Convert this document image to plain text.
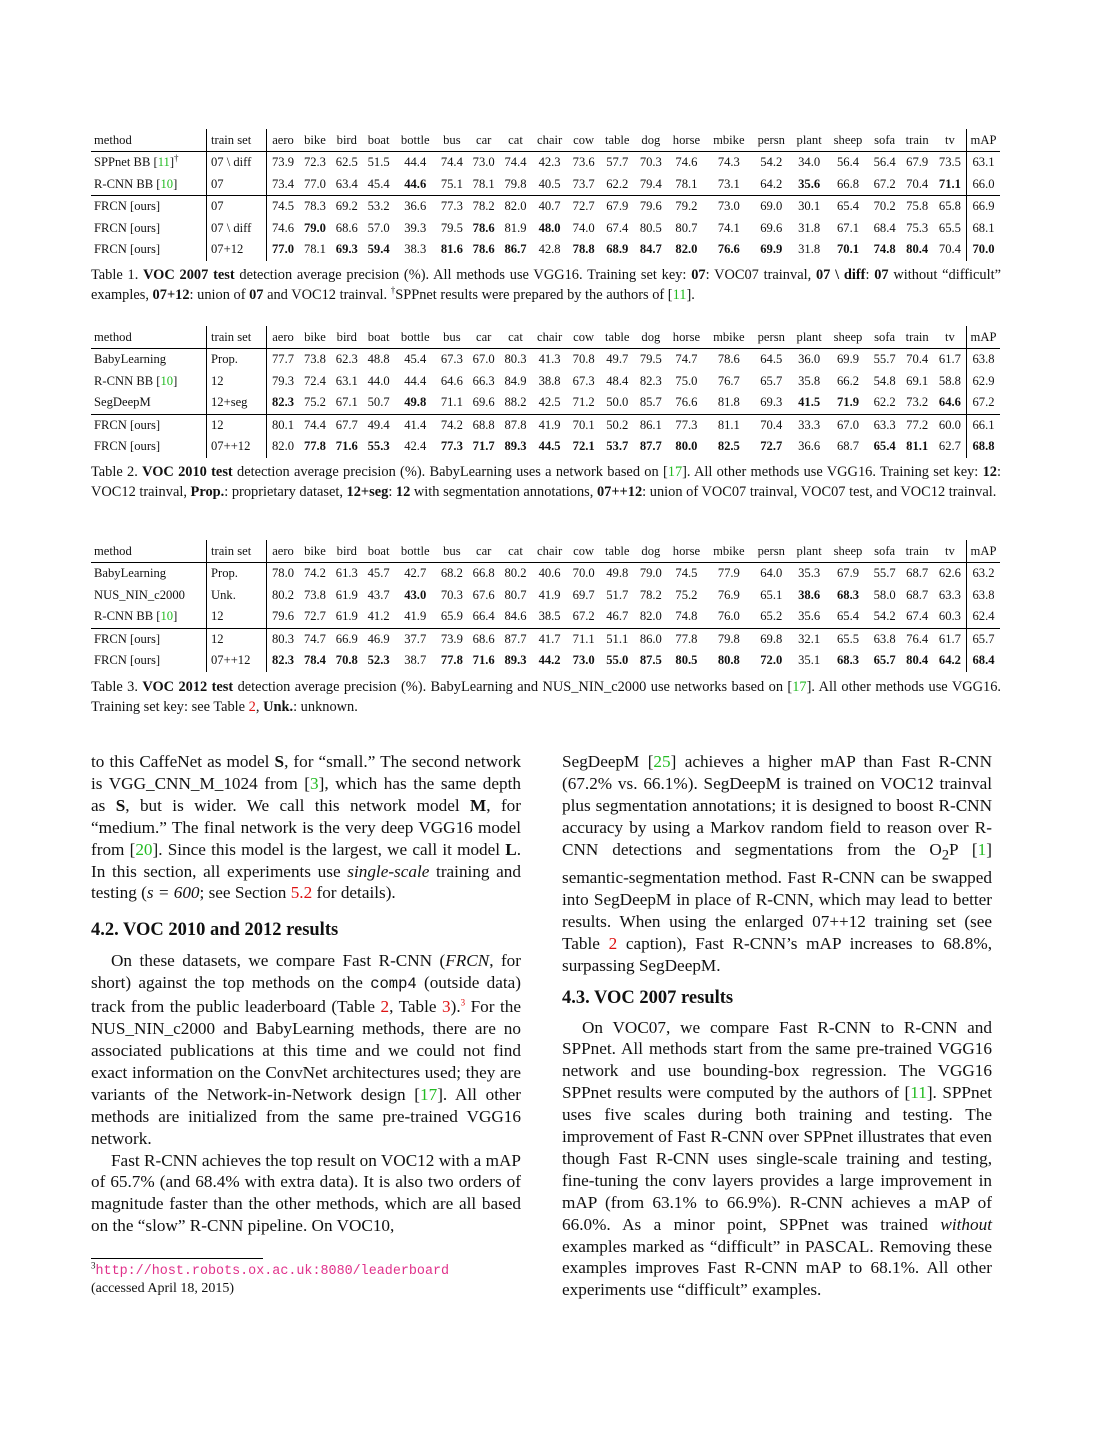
method	train set	aero	bike	bird	boat	bottle	bus	car	cat	chair	cow	table	dog	horse	mbike	persn	plant	sheep	sofa	train	tv	mAP
SPPnet BB [11]†	07 \ diff	73.9	72.3	62.5	51.5	44.4	74.4	73.0	74.4	42.3	73.6	57.7	70.3	74.6	74.3	54.2	34.0	56.4	56.4	67.9	73.5	63.1
R-CNN BB [10]	07	73.4	77.0	63.4	45.4	44.6	75.1	78.1	79.8	40.5	73.7	62.2	79.4	78.1	73.1	64.2	35.6	66.8	67.2	70.4	71.1	66.0
FRCN [ours]	07	74.5	78.3	69.2	53.2	36.6	77.3	78.2	82.0	40.7	72.7	67.9	79.6	79.2	73.0	69.0	30.1	65.4	70.2	75.8	65.8	66.9
FRCN [ours]	07 \ diff	74.6	79.0	68.6	57.0	39.3	79.5	78.6	81.9	48.0	74.0	67.4	80.5	80.7	74.1	69.6	31.8	67.1	68.4	75.3	65.5	68.1
FRCN [ours]	07+12	77.0	78.1	69.3	59.4	38.3	81.6	78.6	86.7	42.8	78.8	68.9	84.7	82.0	76.6	69.9	31.8	70.1	74.8	80.4	70.4	70.0
Table 1. VOC 2007 test detection average precision (%). All methods use VGG16. Training set key: 07: VOC07 trainval, 07 \ diff: 07 without “difficult” examples, 07+12: union of 07 and VOC12 trainval. †SPPnet results were prepared by the authors of [11].
method	train set	aero	bike	bird	boat	bottle	bus	car	cat	chair	cow	table	dog	horse	mbike	persn	plant	sheep	sofa	train	tv	mAP
BabyLearning	Prop.	77.7	73.8	62.3	48.8	45.4	67.3	67.0	80.3	41.3	70.8	49.7	79.5	74.7	78.6	64.5	36.0	69.9	55.7	70.4	61.7	63.8
R-CNN BB [10]	12	79.3	72.4	63.1	44.0	44.4	64.6	66.3	84.9	38.8	67.3	48.4	82.3	75.0	76.7	65.7	35.8	66.2	54.8	69.1	58.8	62.9
SegDeepM	12+seg	82.3	75.2	67.1	50.7	49.8	71.1	69.6	88.2	42.5	71.2	50.0	85.7	76.6	81.8	69.3	41.5	71.9	62.2	73.2	64.6	67.2
FRCN [ours]	12	80.1	74.4	67.7	49.4	41.4	74.2	68.8	87.8	41.9	70.1	50.2	86.1	77.3	81.1	70.4	33.3	67.0	63.3	77.2	60.0	66.1
FRCN [ours]	07++12	82.0	77.8	71.6	55.3	42.4	77.3	71.7	89.3	44.5	72.1	53.7	87.7	80.0	82.5	72.7	36.6	68.7	65.4	81.1	62.7	68.8
Table 2. VOC 2010 test detection average precision (%). BabyLearning uses a network based on [17]. All other methods use VGG16. Training set key: 12: VOC12 trainval, Prop.: proprietary dataset, 12+seg: 12 with segmentation annotations, 07++12: union of VOC07 trainval, VOC07 test, and VOC12 trainval.
method	train set	aero	bike	bird	boat	bottle	bus	car	cat	chair	cow	table	dog	horse	mbike	persn	plant	sheep	sofa	train	tv	mAP
BabyLearning	Prop.	78.0	74.2	61.3	45.7	42.7	68.2	66.8	80.2	40.6	70.0	49.8	79.0	74.5	77.9	64.0	35.3	67.9	55.7	68.7	62.6	63.2
NUS_NIN_c2000	Unk.	80.2	73.8	61.9	43.7	43.0	70.3	67.6	80.7	41.9	69.7	51.7	78.2	75.2	76.9	65.1	38.6	68.3	58.0	68.7	63.3	63.8
R-CNN BB [10]	12	79.6	72.7	61.9	41.2	41.9	65.9	66.4	84.6	38.5	67.2	46.7	82.0	74.8	76.0	65.2	35.6	65.4	54.2	67.4	60.3	62.4
FRCN [ours]	12	80.3	74.7	66.9	46.9	37.7	73.9	68.6	87.7	41.7	71.1	51.1	86.0	77.8	79.8	69.8	32.1	65.5	63.8	76.4	61.7	65.7
FRCN [ours]	07++12	82.3	78.4	70.8	52.3	38.7	77.8	71.6	89.3	44.2	73.0	55.0	87.5	80.5	80.8	72.0	35.1	68.3	65.7	80.4	64.2	68.4
Table 3. VOC 2012 test detection average precision (%). BabyLearning and NUS_NIN_c2000 use networks based on [17]. All other methods use VGG16. Training set key: see Table 2, Unk.: unknown.

to this CaffeNet as model S, for “small.” The second network is VGG_CNN_M_1024 from [3], which has the same depth as S, but is wider. We call this network model M, for “medium.” The final network is the very deep VGG16 model from [20]. Since this model is the largest, we call it model L. In this section, all experiments use single-scale training and testing (s = 600; see Section 5.2 for details).

4.2. VOC 2010 and 2012 results

On these datasets, we compare Fast R-CNN (FRCN, for short) against the top methods on the comp4 (outside data) track from the public leaderboard (Table 2, Table 3).$^3$ For the NUS_NIN_c2000 and BabyLearning methods, there are no associated publications at this time and we could not find exact information on the ConvNet architectures used; they are variants of the Network-in-Network design [17]. All other methods are initialized from the same pre-trained VGG16 network.

Fast R-CNN achieves the top result on VOC12 with a mAP of 65.7% (and 68.4% with extra data). It is also two orders of magnitude faster than the other methods, which are all based on the “slow” R-CNN pipeline. On VOC10,

$^3$http://host.robots.ox.ac.uk:8080/leaderboard
(accessed April 18, 2015)

SegDeepM [25] achieves a higher mAP than Fast R-CNN (67.2% vs. 66.1%). SegDeepM is trained on VOC12 trainval plus segmentation annotations; it is designed to boost R-CNN accuracy by using a Markov random field to reason over R-CNN detections and segmentations from the $O_2P$ [1] semantic-segmentation method. Fast R-CNN can be swapped into SegDeepM in place of R-CNN, which may lead to better results. When using the enlarged 07++12 training set (see Table 2 caption), Fast R-CNN’s mAP increases to 68.8%, surpassing SegDeepM.

4.3. VOC 2007 results

On VOC07, we compare Fast R-CNN to R-CNN and SPPnet. All methods start from the same pre-trained VGG16 network and use bounding-box regression. The VGG16 SPPnet results were computed by the authors of [11]. SPPnet uses five scales during both training and testing. The improvement of Fast R-CNN over SPPnet illustrates that even though Fast R-CNN uses single-scale training and testing, fine-tuning the conv layers provides a large improvement in mAP (from 63.1% to 66.9%). R-CNN achieves a mAP of 66.0%. As a minor point, SPPnet was trained without examples marked as “difficult” in PASCAL. Removing these examples improves Fast R-CNN mAP to 68.1%. All other experiments use “difficult” examples.
